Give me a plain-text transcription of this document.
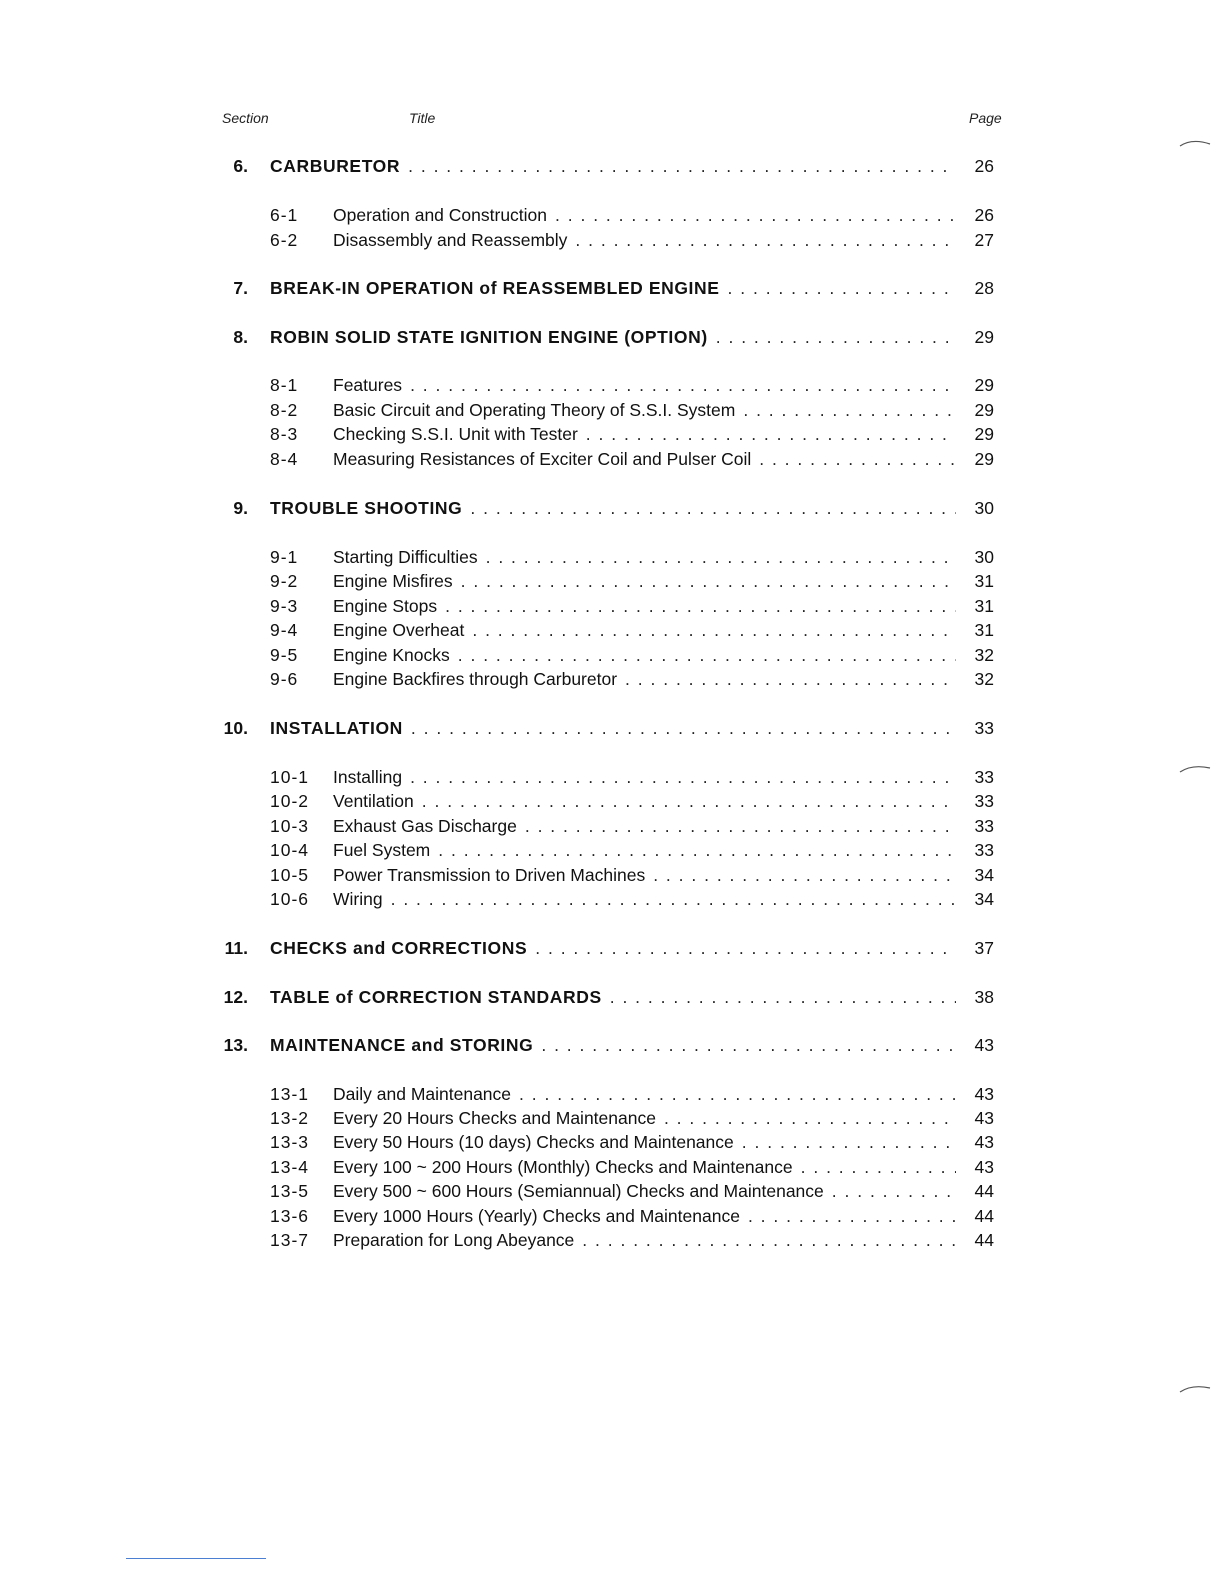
Section	Title	Page
6. CARBURETOR . . .	26
6-1 Operation and Construction . . .	26
6-2 Disassembly and Reassembly . . .	27
7. BREAK-IN OPERATION of REASSEMBLED ENGINE . . .	28
8. ROBIN SOLID STATE IGNITION ENGINE (OPTION) . . .	29
8-1 Features . . .	29
8-2 Basic Circuit and Operating Theory of S.S.I. System . . .	29
8-3 Checking S.S.I. Unit with Tester . . .	29
8-4 Measuring Resistances of Exciter Coil and Pulser Coil . . .	29
9. TROUBLE SHOOTING . . .	30
9-1 Starting Difficulties . . .	30
9-2 Engine Misfires . . .	31
9-3 Engine Stops . . .	31
9-4 Engine Overheat . . .	31
9-5 Engine Knocks . . .	32
9-6 Engine Backfires through Carburetor . . .	32
10. INSTALLATION . . .	33
10-1 Installing . . .	33
10-2 Ventilation . . .	33
10-3 Exhaust Gas Discharge . . .	33
10-4 Fuel System . . .	33
10-5 Power Transmission to Driven Machines . . .	34
10-6 Wiring . . .	34
11. CHECKS and CORRECTIONS . . .	37
12. TABLE of CORRECTION STANDARDS . . .	38
13. MAINTENANCE and STORING . . .	43
13-1 Daily and Maintenance . . .	43
13-2 Every 20 Hours Checks and Maintenance . . .	43
13-3 Every 50 Hours (10 days) Checks and Maintenance . . .	43
13-4 Every 100 ~ 200 Hours (Monthly) Checks and Maintenance . . .	43
13-5 Every 500 ~ 600 Hours (Semiannual) Checks and Maintenance . . .	44
13-6 Every 1000 Hours (Yearly) Checks and Maintenance . . .	44
13-7 Preparation for Long Abeyance . . .	44
